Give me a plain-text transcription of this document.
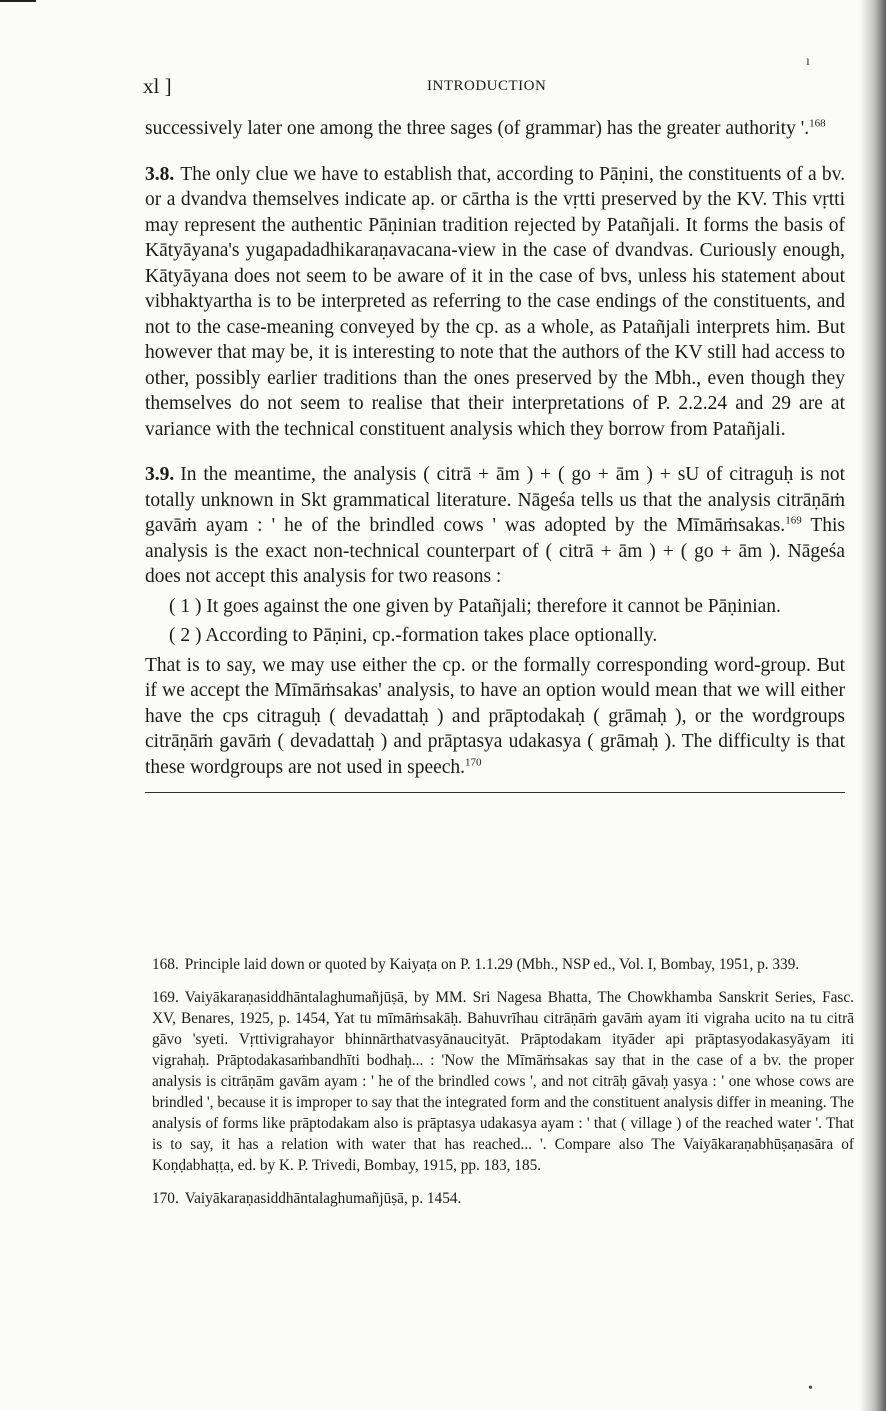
ı
•
xl ]	INTRODUCTION

successively later one among the three sages (of grammar) has the greater authority '.$^{168}$

3.8. The only clue we have to establish that, according to Pāṇini, the constituents of a bv. or a dvandva themselves indicate ap. or cārtha is the vṛtti preserved by the KV. This vṛtti may represent the authentic Pāṇinian tradition rejected by Patañjali. It forms the basis of Kātyāyana's yugapadadhikaraṇavacana-view in the case of dvandvas. Curiously enough, Kātyāyana does not seem to be aware of it in the case of bvs, unless his statement about vibhaktyartha is to be interpreted as referring to the case endings of the constituents, and not to the case-meaning conveyed by the cp. as a whole, as Patañjali interprets him. But however that may be, it is interesting to note that the authors of the KV still had access to other, possibly earlier traditions than the ones preserved by the Mbh., even though they themselves do not seem to realise that their interpretations of P. 2.2.24 and 29 are at variance with the technical constituent analysis which they borrow from Patañjali.

3.9. In the meantime, the analysis ( citrā + ām ) + ( go + ām ) + sU of citraguḥ is not totally unknown in Skt grammatical literature. Nāgeśa tells us that the analysis citrāṇāṁ gavāṁ ayam : ' he of the brindled cows ' was adopted by the Mīmāṁsakas.$^{169}$ This analysis is the exact non-technical counterpart of ( citrā + ām ) + ( go + ām ). Nāgeśa does not accept this analysis for two reasons :

( 1 ) It goes against the one given by Patañjali; therefore it cannot be Pāṇinian.

( 2 ) According to Pāṇini, cp.-formation takes place optionally.

That is to say, we may use either the cp. or the formally corresponding word-group. But if we accept the Mīmāṁsakas' analysis, to have an option would mean that we will either have the cps citraguḥ ( devadattaḥ ) and prāptodakaḥ ( grāmaḥ ), or the wordgroups citrāṇāṁ gavāṁ ( devadattaḥ ) and prāptasya udakasya ( grāmaḥ ). The difficulty is that these wordgroups are not used in speech.$^{170}$

168. Principle laid down or quoted by Kaiyaṭa on P. 1.1.29 (Mbh., NSP ed., Vol. I, Bombay, 1951, p. 339.

169. Vaiyākaraṇasiddhāntalaghumañjūṣā, by MM. Sri Nagesa Bhatta, The Chowkhamba Sanskrit Series, Fasc. XV, Benares, 1925, p. 1454, Yat tu mīmāṁsakāḥ. Bahuvrīhau citrāṇāṁ gavāṁ ayam iti vigraha ucito na tu citrā gāvo 'syeti. Vṛttivigrahayor bhinnārthatvasyānaucityāt. Prāptodakam ityāder api prāptasyodakasyāyam iti vigrahaḥ. Prāptodakasaṁbandhīti bodhaḥ... : 'Now the Mīmāṁsakas say that in the case of a bv. the proper analysis is citrāṇām gavām ayam : ' he of the brindled cows ', and not citrāḥ gāvaḥ yasya : ' one whose cows are brindled ', because it is improper to say that the integrated form and the constituent analysis differ in meaning. The analysis of forms like prāptodakam also is prāptasya udakasya ayam : ' that ( village ) of the reached water '. That is to say, it has a relation with water that has reached... '. Compare also The Vaiyākaraṇabhūṣaṇasāra of Koṇḍabhaṭṭa, ed. by K. P. Trivedi, Bombay, 1915, pp. 183, 185.

170. Vaiyākaraṇasiddhāntalaghumañjūṣā, p. 1454.
